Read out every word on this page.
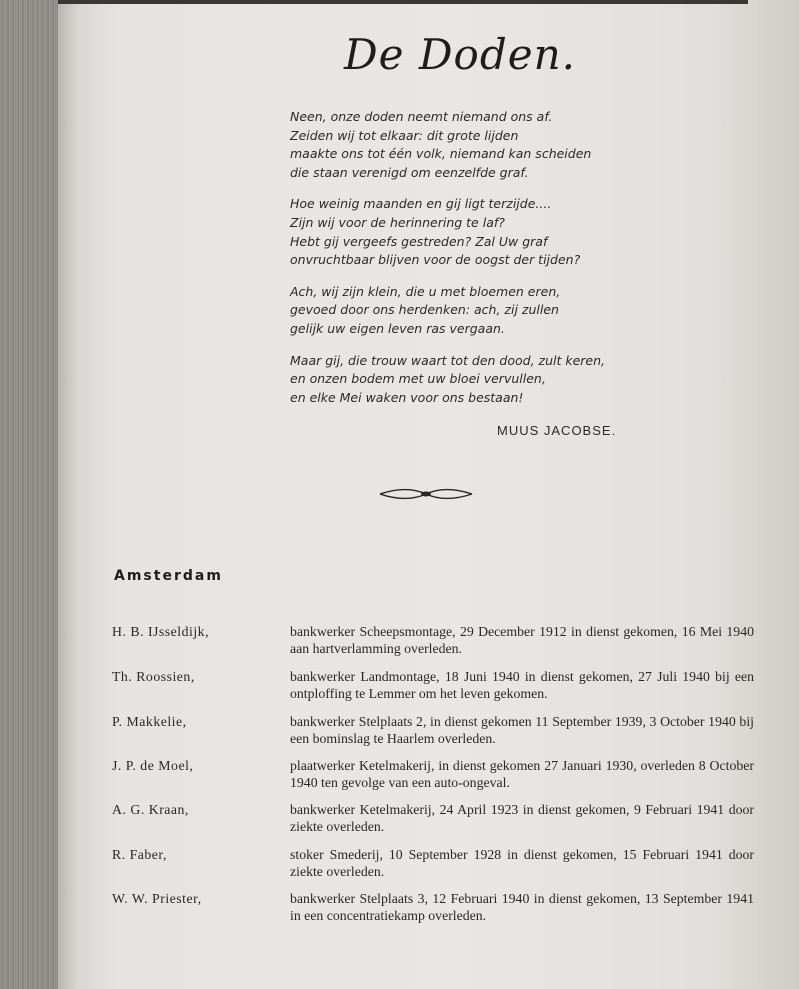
De Doden.
Neen, onze doden neemt niemand ons af.
Zeiden wij tot elkaar: dit grote lijden
maakte ons tot één volk, niemand kan scheiden
die staan verenigd om eenzelfde graf.
Hoe weinig maanden en gij ligt terzijde....
Zijn wij voor de herinnering te laf?
Hebt gij vergeefs gestreden? Zal Uw graf
onvruchtbaar blijven voor de oogst der tijden?
Ach, wij zijn klein, die u met bloemen eren,
gevoed door ons herdenken: ach, zij zullen
gelijk uw eigen leven ras vergaan.
Maar gij, die trouw waart tot den dood, zult keren,
en onzen bodem met uw bloei vervullen,
en elke Mei waken voor ons bestaan!
MUUS JACOBSE.
Amsterdam
H. B. IJsseldijk,	bankwerker Scheepsmontage, 29 December 1912 in dienst gekomen, 16 Mei 1940 aan hartverlamming overleden.
Th. Roossien,	bankwerker Landmontage, 18 Juni 1940 in dienst gekomen, 27 Juli 1940 bij een ontploffing te Lemmer om het leven gekomen.
P. Makkelie,	bankwerker Stelplaats 2, in dienst gekomen 11 September 1939, 3 October 1940 bij een bominslag te Haarlem overleden.
J. P. de Moel,	plaatwerker Ketelmakerij, in dienst gekomen 27 Januari 1930, overleden 8 October 1940 ten gevolge van een auto-ongeval.
A. G. Kraan,	bankwerker Ketelmakerij, 24 April 1923 in dienst gekomen, 9 Februari 1941 door ziekte overleden.
R. Faber,	stoker Smederij, 10 September 1928 in dienst gekomen, 15 Februari 1941 door ziekte overleden.
W. W. Priester,	bankwerker Stelplaats 3, 12 Februari 1940 in dienst gekomen, 13 September 1941 in een concentratiekamp overleden.
